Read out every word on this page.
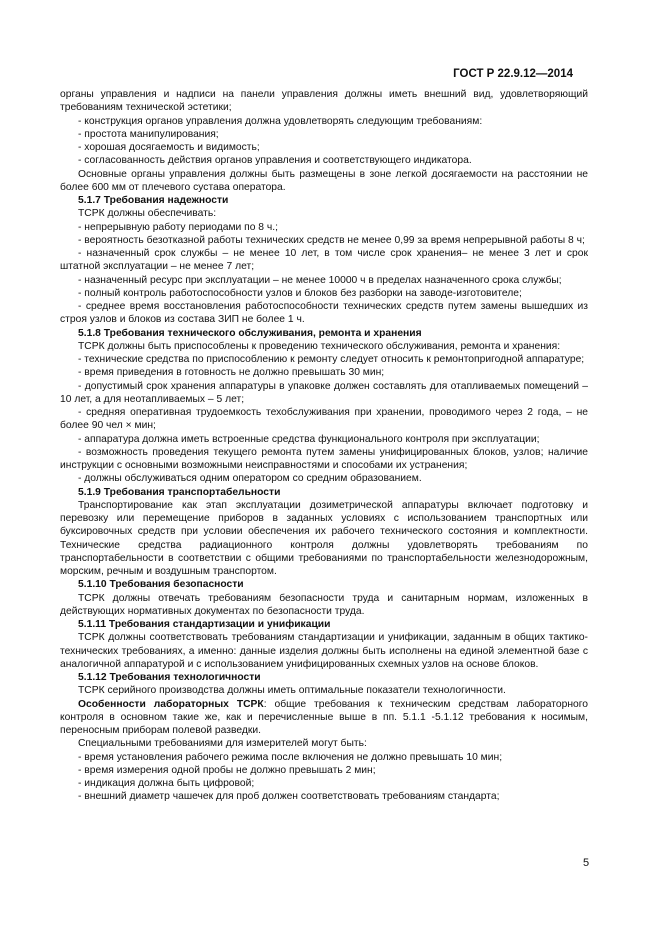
ГОСТ Р 22.9.12—2014

органы управления и надписи на панели управления должны иметь внешний вид, удовлетворяющий требованиям технической эстетики;

- конструкция органов управления должна удовлетворять следующим требованиям:

- простота манипулирования;

- хорошая досягаемость и видимость;

- согласованность действия органов управления и соответствующего индикатора.

Основные органы управления должны быть размещены в зоне легкой досягаемости на расстоянии не более 600 мм от плечевого сустава оператора.

5.1.7 Требования надежности

ТСРК должны обеспечивать:

- непрерывную работу периодами по 8 ч.;

- вероятность безотказной работы технических средств не менее 0,99 за время непрерывной работы 8 ч;

- назначенный срок службы – не менее 10 лет, в том числе срок хранения– не менее 3 лет и срок штатной эксплуатации – не менее 7 лет;

- назначенный ресурс при эксплуатации – не менее 10000 ч в пределах назначенного срока службы;

- полный контроль работоспособности узлов и блоков без разборки на заводе-изготовителе;

- среднее время восстановления работоспособности технических средств путем замены вышедших из строя узлов и блоков из состава ЗИП не более 1 ч.

5.1.8 Требования технического обслуживания, ремонта и хранения

ТСРК должны быть приспособлены к проведению технического обслуживания, ремонта и хранения:

- технические средства по приспособлению к ремонту следует относить к ремонтопригодной аппаратуре;

- время приведения в готовность не должно превышать 30 мин;

- допустимый срок хранения аппаратуры в упаковке должен составлять для отапливаемых помещений – 10 лет, а для неотапливаемых – 5 лет;

- средняя оперативная трудоемкость техобслуживания при хранении, проводимого через 2 года, – не более 90 чел × мин;

- аппаратура должна иметь встроенные средства функционального контроля при эксплуатации;

- возможность проведения текущего ремонта путем замены унифицированных блоков, узлов; наличие инструкции с основными возможными неисправностями и способами их устранения;

- должны обслуживаться одним оператором со средним образованием.

5.1.9 Требования транспортабельности

Транспортирование как этап эксплуатации дозиметрической аппаратуры включает подготовку и перевозку или перемещение приборов в заданных условиях с использованием транспортных или буксировочных средств при условии обеспечения их рабочего технического состояния и комплектности. Технические средства радиационного контроля должны удовлетворять требованиям по транспортабельности в соответствии с общими требованиями по транспортабельности железнодорожным, морским, речным и воздушным транспортом.

5.1.10 Требования безопасности

ТСРК должны отвечать требованиям безопасности труда и санитарным нормам, изложенных в действующих нормативных документах по безопасности труда.

5.1.11 Требования стандартизации и унификации

ТСРК должны соответствовать требованиям стандартизации и унификации, заданным в общих тактико-технических требованиях, а именно: данные изделия должны быть исполнены на единой элементной базе с аналогичной аппаратурой и с использованием унифицированных схемных узлов на основе блоков.

5.1.12 Требования технологичности

ТСРК серийного производства должны иметь оптимальные показатели технологичности.

Особенности лабораторных ТСРК: общие требования к техническим средствам лабораторного контроля в основном такие же, как и перечисленные выше в пп. 5.1.1 -5.1.12 требования к носимым, переносным приборам полевой разведки.

Специальными требованиями для измерителей могут быть:

- время установления рабочего режима после включения не должно превышать 10 мин;

- время измерения одной пробы не должно превышать 2 мин;

- индикация должна быть цифровой;

- внешний диаметр чашечек для проб должен соответствовать требованиям стандарта;

5
